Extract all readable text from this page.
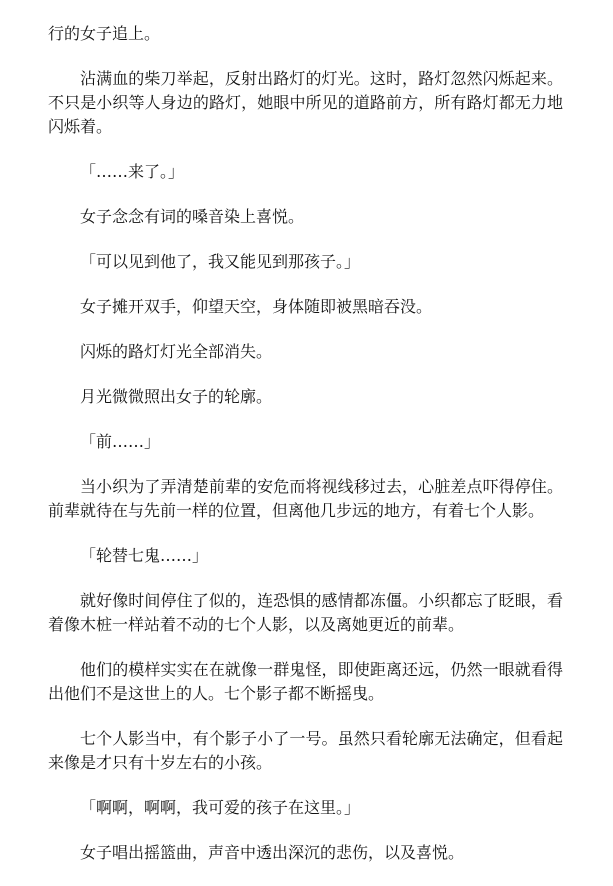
行的女子追上。

沾满血的柴刀举起，反射出路灯的灯光。这时，路灯忽然闪烁起来。不只是小织等人身边的路灯，她眼中所见的道路前方，所有路灯都无力地闪烁着。

「……来了。」

女子念念有词的嗓音染上喜悦。

「可以见到他了，我又能见到那孩子。」

女子摊开双手，仰望天空，身体随即被黑暗吞没。

闪烁的路灯灯光全部消失。

月光微微照出女子的轮廓。

「前……」

当小织为了弄清楚前辈的安危而将视线移过去，心脏差点吓得停住。前辈就待在与先前一样的位置，但离他几步远的地方，有着七个人影。

「轮替七鬼……」

就好像时间停住了似的，连恐惧的感情都冻僵。小织都忘了眨眼，看着像木桩一样站着不动的七个人影，以及离她更近的前辈。

他们的模样实实在在就像一群鬼怪，即使距离还远，仍然一眼就看得出他们不是这世上的人。七个影子都不断摇曳。

七个人影当中，有个影子小了一号。虽然只看轮廓无法确定，但看起来像是才只有十岁左右的小孩。

「啊啊，啊啊，我可爱的孩子在这里。」

女子唱出摇篮曲，声音中透出深沉的悲伤，以及喜悦。
